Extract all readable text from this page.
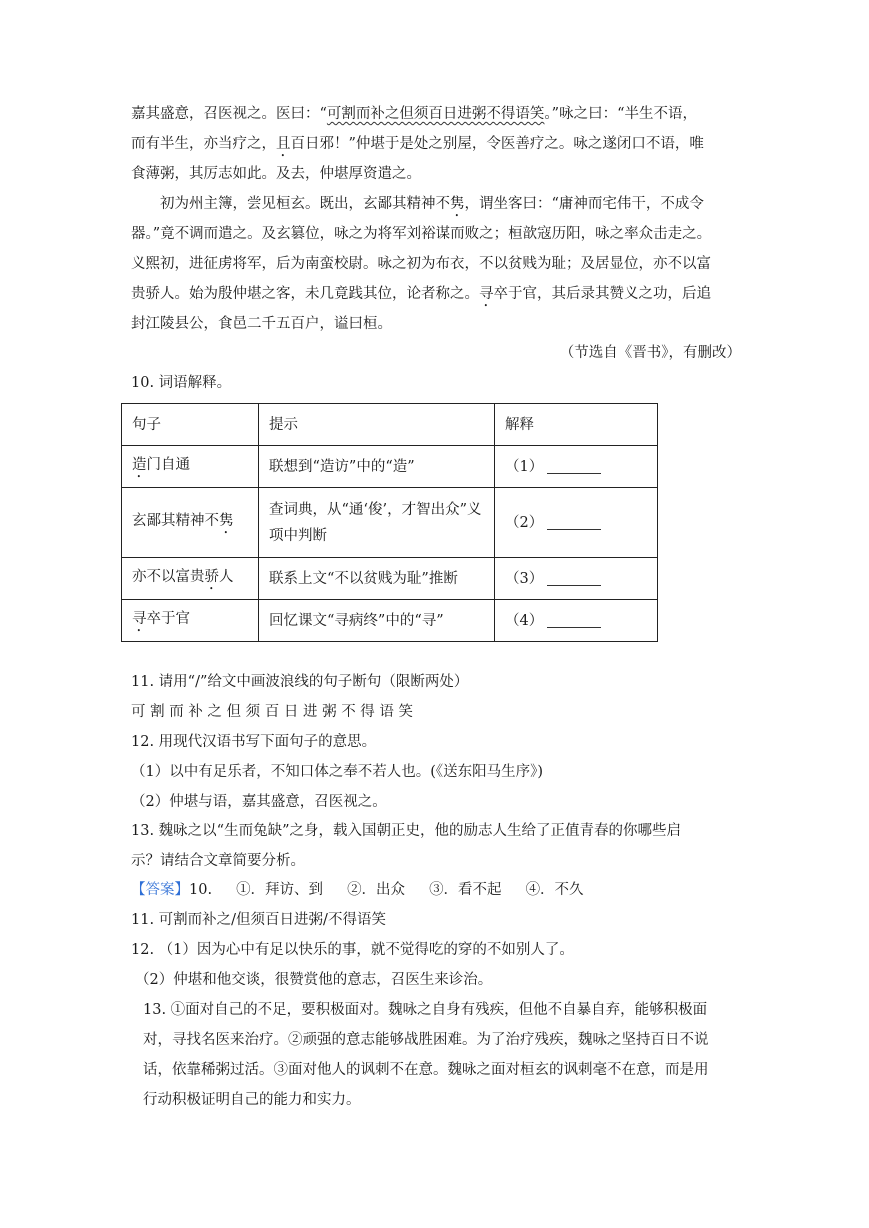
嘉其盛意，召医视之。医曰：“可割而补之但须百日进粥不得语笑。”咏之曰：“半生不语，
而有半生，亦当疗之，且百日邪！”仲堪于是处之别屋，令医善疗之。咏之遂闭口不语，唯
食薄粥，其厉志如此。及去，仲堪厚资遣之。
　　初为州主簿，尝见桓玄。既出，玄鄙其精神不隽，谓坐客曰：“庸神而宅伟干，不成令
器。”竟不调而遣之。及玄篡位，咏之为将军刘裕谋而败之；桓歆寇历阳，咏之率众击走之。
义熙初，进征虏将军，后为南蛮校尉。咏之初为布衣，不以贫贱为耻；及居显位，亦不以富
贵骄人。始为殷仲堪之客，未几竟践其位，论者称之。寻卒于官，其后录其赞义之功，后追
封江陵县公，食邑二千五百户，谥曰桓。
（节选自《晋书》，有删改）
10. 词语解释。
句子	提示	解释
造门自通	联想到“造访”中的“造”	（1）
玄鄙其精神不隽	查词典，从“通‘俊’，才智出众”义项中判断	（2）
亦不以富贵骄人	联系上文“不以贫贱为耻”推断	（3）
寻卒于官	回忆课文“寻病终”中的“寻”	（4）
11. 请用“/”给文中画波浪线的句子断句（限断两处）
可 割 而 补 之 但 须 百 日 进 粥 不 得 语 笑
12. 用现代汉语书写下面句子的意思。
（1）以中有足乐者，不知口体之奉不若人也。(《送东阳马生序》)
（2）仲堪与语，嘉其盛意，召医视之。
13. 魏咏之以“生而兔缺”之身，载入国朝正史，他的励志人生给了正值青春的你哪些启
示？请结合文章简要分析。
【答案】10. ①．拜访、到 ②．出众 ③．看不起 ④．不久
11. 可割而补之/但须百日进粥/不得语笑
12. （1）因为心中有足以快乐的事，就不觉得吃的穿的不如别人了。
（2）仲堪和他交谈，很赞赏他的意志，召医生来诊治。
13. ①面对自己的不足，要积极面对。魏咏之自身有残疾，但他不自暴自弃，能够积极面
对，寻找名医来治疗。②顽强的意志能够战胜困难。为了治疗残疾，魏咏之坚持百日不说
话，依靠稀粥过活。③面对他人的讽刺不在意。魏咏之面对桓玄的讽刺毫不在意，而是用
行动积极证明自己的能力和实力。
